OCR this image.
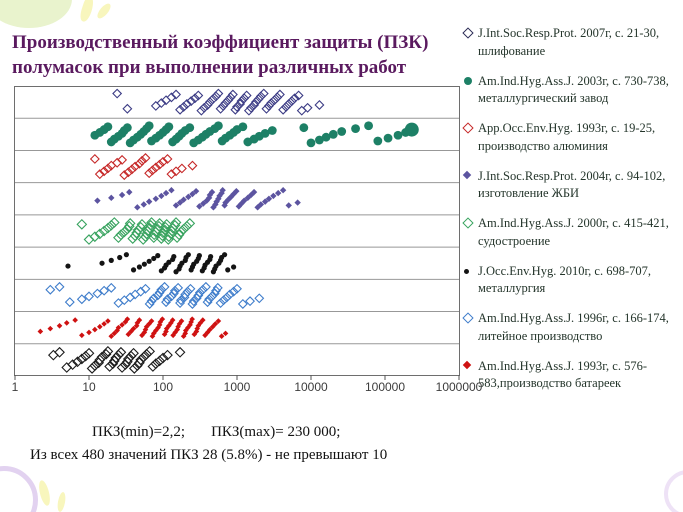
Производственный коэффициент защиты (ПЗК)
полумасок при выполнении различных работ
1	10	100	1000	10000	100000	1000000
ПКЗ(min)=2,2; ПКЗ(max)= 230 000;
Из всех 480 значений ПКЗ 28 (5.8%) - не превышают 10
J.Int.Soc.Resp.Prot. 2007г, с. 21-30, шлифование
Am.Ind.Hyg.Ass.J. 2003г, с. 730-738, металлургический завод
App.Occ.Env.Hyg. 1993г, с. 19-25, производство алюминия
J.Int.Soc.Resp.Prot. 2004г, с. 94-102, изготовление ЖБИ
Am.Ind.Hyg.Ass.J. 2000г, с. 415-421, судостроение
J.Occ.Env.Hyg. 2010г, с. 698-707, металлургия
Am.Ind.Hyg.Ass.J. 1996г, с. 166-174, литейное производство
Am.Ind.Hyg.Ass.J. 1993г, с. 576-583,производство батареек
